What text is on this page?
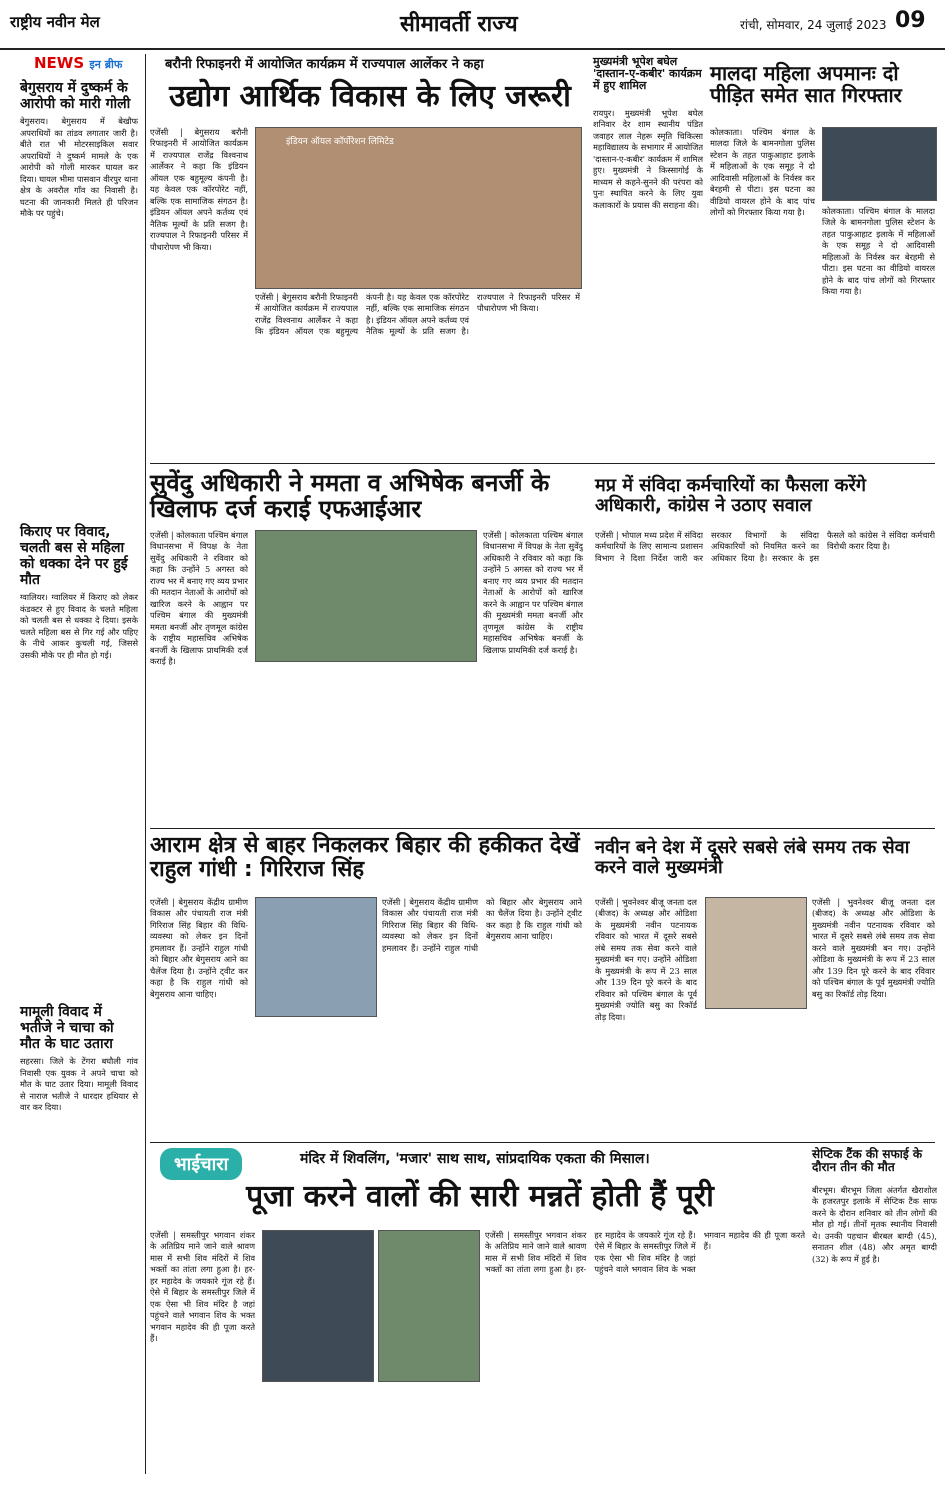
राष्ट्रीय नवीन मेल	सीमावर्ती राज्य	रांची, सोमवार, 24 जुलाई 2023 09
NEWS इन ब्रीफ
बेगुसराय में दुष्कर्म के आरोपी को मारी गोली
बेगुसराय। बेगुसराय में बेखौफ अपराधियों का तांडव लगातार जारी है। बीते रात भी मोटरसाइकिल सवार अपराधियों ने दुष्कर्म मामले के एक आरोपी को गोली मारकर घायल कर दिया। घायल भीमा पासवान वीरपुर थाना क्षेत्र के अवरौल गाँव का निवासी है। घटना की जानकारी मिलते ही परिजन मौके पर पहुंचे।
किराए पर विवाद, चलती बस से महिला को धक्का देने पर हुई मौत
ग्वालियर। ग्वालियर में किराए को लेकर कंडक्टर से हुए विवाद के चलते महिला को चलती बस से धक्का दे दिया। इसके चलते महिला बस से गिर गई और पहिए के नीचे आकर कुचली गई, जिससे उसकी मौके पर ही मौत हो गई।
मामूली विवाद में भतीजे ने चाचा को मौत के घाट उतारा
सहरसा। जिले के टेंगरा बघौली गांव निवासी एक युवक ने अपने चाचा को मौत के घाट उतार दिया। मामूली विवाद से नाराज भतीजे ने धारदार हथियार से वार कर दिया।
बरौनी रिफाइनरी में आयोजित कार्यक्रम में राज्यपाल आर्लेकर ने कहा
उद्योग आर्थिक विकास के लिए जरूरी
इंडियन ऑयल कॉर्पोरेशन लिमिटेड
एजेंसी | बेगुसराय बरौनी रिफाइनरी में आयोजित कार्यक्रम में राज्यपाल राजेंद्र विश्वनाथ आर्लेकर ने कहा कि इंडियन ऑयल एक बहुमूल्य कंपनी है। यह केवल एक कॉरपोरेट नहीं, बल्कि एक सामाजिक संगठन है। इंडियन ऑयल अपने कर्तव्य एवं नैतिक मूल्यों के प्रति सजग है। राज्यपाल ने रिफाइनरी परिसर में पौधारोपण भी किया।
एजेंसी | बेगुसराय बरौनी रिफाइनरी में आयोजित कार्यक्रम में राज्यपाल राजेंद्र विश्वनाथ आर्लेकर ने कहा कि इंडियन ऑयल एक बहुमूल्य कंपनी है। यह केवल एक कॉरपोरेट नहीं, बल्कि एक सामाजिक संगठन है। इंडियन ऑयल अपने कर्तव्य एवं नैतिक मूल्यों के प्रति सजग है। राज्यपाल ने रिफाइनरी परिसर में पौधारोपण भी किया।
मुख्यमंत्री भूपेश बघेल 'दास्तान-ए-कबीर' कार्यक्रम में हुए शामिल
रायपुर। मुख्यमंत्री भूपेश बघेल शनिवार देर शाम स्थानीय पंडित जवाहर लाल नेहरू स्मृति चिकित्सा महाविद्यालय के सभागार में आयोजित 'दास्तान-ए-कबीर' कार्यक्रम में शामिल हुए। मुख्यमंत्री ने किस्सागोई के माध्यम से कहने-सुनने की परंपरा को पुनः स्थापित करने के लिए युवा कलाकारों के प्रयास की सराहना की।
मालदा महिला अपमानः दो पीड़ित समेत सात गिरफ्तार
कोलकाता। पश्चिम बंगाल के मालदा जिले के बामनगोला पुलिस स्टेशन के तहत पाकुआहाट इलाके में महिलाओं के एक समूह ने दो आदिवासी महिलाओं के निर्वस्त्र कर बेरहमी से पीटा। इस घटना का वीडियो वायरल होने के बाद पांच लोगों को गिरफ्तार किया गया है।	कोलकाता। पश्चिम बंगाल के मालदा जिले के बामनगोला पुलिस स्टेशन के तहत पाकुआहाट इलाके में महिलाओं के एक समूह ने दो आदिवासी महिलाओं के निर्वस्त्र कर बेरहमी से पीटा। इस घटना का वीडियो वायरल होने के बाद पांच लोगों को गिरफ्तार किया गया है।
सुवेंदु अधिकारी ने ममता व अभिषेक बनर्जी के खिलाफ दर्ज कराई एफआईआर
एजेंसी | कोलकाता पश्चिम बंगाल विधानसभा में विपक्ष के नेता सुवेंदु अधिकारी ने रविवार को कहा कि उन्होंने 5 अगस्त को राज्य भर में बनाए गए व्यय प्रभार की मतदान नेताओं के आरोपों को खारिज करने के आह्वान पर पश्चिम बंगाल की मुख्यमंत्री ममता बनर्जी और तृणमूल कांग्रेस के राष्ट्रीय महासचिव अभिषेक बनर्जी के खिलाफ प्राथमिकी दर्ज कराई है।
एजेंसी | कोलकाता पश्चिम बंगाल विधानसभा में विपक्ष के नेता सुवेंदु अधिकारी ने रविवार को कहा कि उन्होंने 5 अगस्त को राज्य भर में बनाए गए व्यय प्रभार की मतदान नेताओं के आरोपों को खारिज करने के आह्वान पर पश्चिम बंगाल की मुख्यमंत्री ममता बनर्जी और तृणमूल कांग्रेस के राष्ट्रीय महासचिव अभिषेक बनर्जी के खिलाफ प्राथमिकी दर्ज कराई है।
मप्र में संविदा कर्मचारियों का फैसला करेंगे अधिकारी, कांग्रेस ने उठाए सवाल
एजेंसी | भोपाल मध्य प्रदेश में संविदा कर्मचारियों के लिए सामान्य प्रशासन विभाग ने दिशा निर्देश जारी कर सरकार विभागों के संविदा अधिकारियों को नियमित करने का अधिकार दिया है। सरकार के इस फैसले को कांग्रेस ने संविदा कर्मचारी विरोधी करार दिया है।
आराम क्षेत्र से बाहर निकलकर बिहार की हकीकत देखें राहुल गांधी : गिरिराज सिंह
एजेंसी | बेगुसराय केंद्रीय ग्रामीण विकास और पंचायती राज मंत्री गिरिराज सिंह बिहार की विधि-व्यवस्था को लेकर इन दिनों हमलावर हैं। उन्होंने राहुल गांधी को बिहार और बेगुसराय आने का चैलेंज दिया है। उन्होंने ट्वीट कर कहा है कि राहुल गांधी को बेगुसराय आना चाहिए।
एजेंसी | बेगुसराय केंद्रीय ग्रामीण विकास और पंचायती राज मंत्री गिरिराज सिंह बिहार की विधि-व्यवस्था को लेकर इन दिनों हमलावर हैं। उन्होंने राहुल गांधी को बिहार और बेगुसराय आने का चैलेंज दिया है। उन्होंने ट्वीट कर कहा है कि राहुल गांधी को बेगुसराय आना चाहिए।
नवीन बने देश में दूसरे सबसे लंबे समय तक सेवा करने वाले मुख्यमंत्री
एजेंसी | भुवनेश्वर बीजू जनता दल (बीजद) के अध्यक्ष और ओडिशा के मुख्यमंत्री नवीन पटनायक रविवार को भारत में दूसरे सबसे लंबे समय तक सेवा करने वाले मुख्यमंत्री बन गए। उन्होंने ओडिशा के मुख्यमंत्री के रूप में 23 साल और 139 दिन पूरे करने के बाद रविवार को पश्चिम बंगाल के पूर्व मुख्यमंत्री ज्योति बसु का रिकॉर्ड तोड़ दिया।
एजेंसी | भुवनेश्वर बीजू जनता दल (बीजद) के अध्यक्ष और ओडिशा के मुख्यमंत्री नवीन पटनायक रविवार को भारत में दूसरे सबसे लंबे समय तक सेवा करने वाले मुख्यमंत्री बन गए। उन्होंने ओडिशा के मुख्यमंत्री के रूप में 23 साल और 139 दिन पूरे करने के बाद रविवार को पश्चिम बंगाल के पूर्व मुख्यमंत्री ज्योति बसु का रिकॉर्ड तोड़ दिया।
भाईचारा	मंदिर में शिवलिंग, 'मजार' साथ साथ, सांप्रदायिक एकता की मिसाल।
पूजा करने वालों की सारी मन्नतें होती हैं पूरी
एजेंसी | समस्तीपुर भगवान शंकर के अतिप्रिय माने जाने वाले श्रावण मास में सभी शिव मंदिरों में शिव भक्तों का तांता लगा हुआ है। हर-हर महादेव के जयकारे गूंज रहे हैं। ऐसे में बिहार के समस्तीपुर जिले में एक ऐसा भी शिव मंदिर है जहां पहुंचने वाले भगवान शिव के भक्त भगवान महादेव की ही पूजा करते हैं।
एजेंसी | समस्तीपुर भगवान शंकर के अतिप्रिय माने जाने वाले श्रावण मास में सभी शिव मंदिरों में शिव भक्तों का तांता लगा हुआ है। हर-हर महादेव के जयकारे गूंज रहे हैं। ऐसे में बिहार के समस्तीपुर जिले में एक ऐसा भी शिव मंदिर है जहां पहुंचने वाले भगवान शिव के भक्त भगवान महादेव की ही पूजा करते हैं।
सेप्टिक टैंक की सफाई के दौरान तीन की मौत
बीरभूम। बीरभूम जिला अंतर्गत खैराशोल के हजरतपुर इलाके में सेप्टिक टैंक साफ करने के दौरान शनिवार को तीन लोगों की मौत हो गई। तीनों मृतक स्थानीय निवासी थे। उनकी पहचान बीरबल बाग्दी (45), सनातन शील (48) और अमृत बाग्दी (32) के रूप में हुई है।
